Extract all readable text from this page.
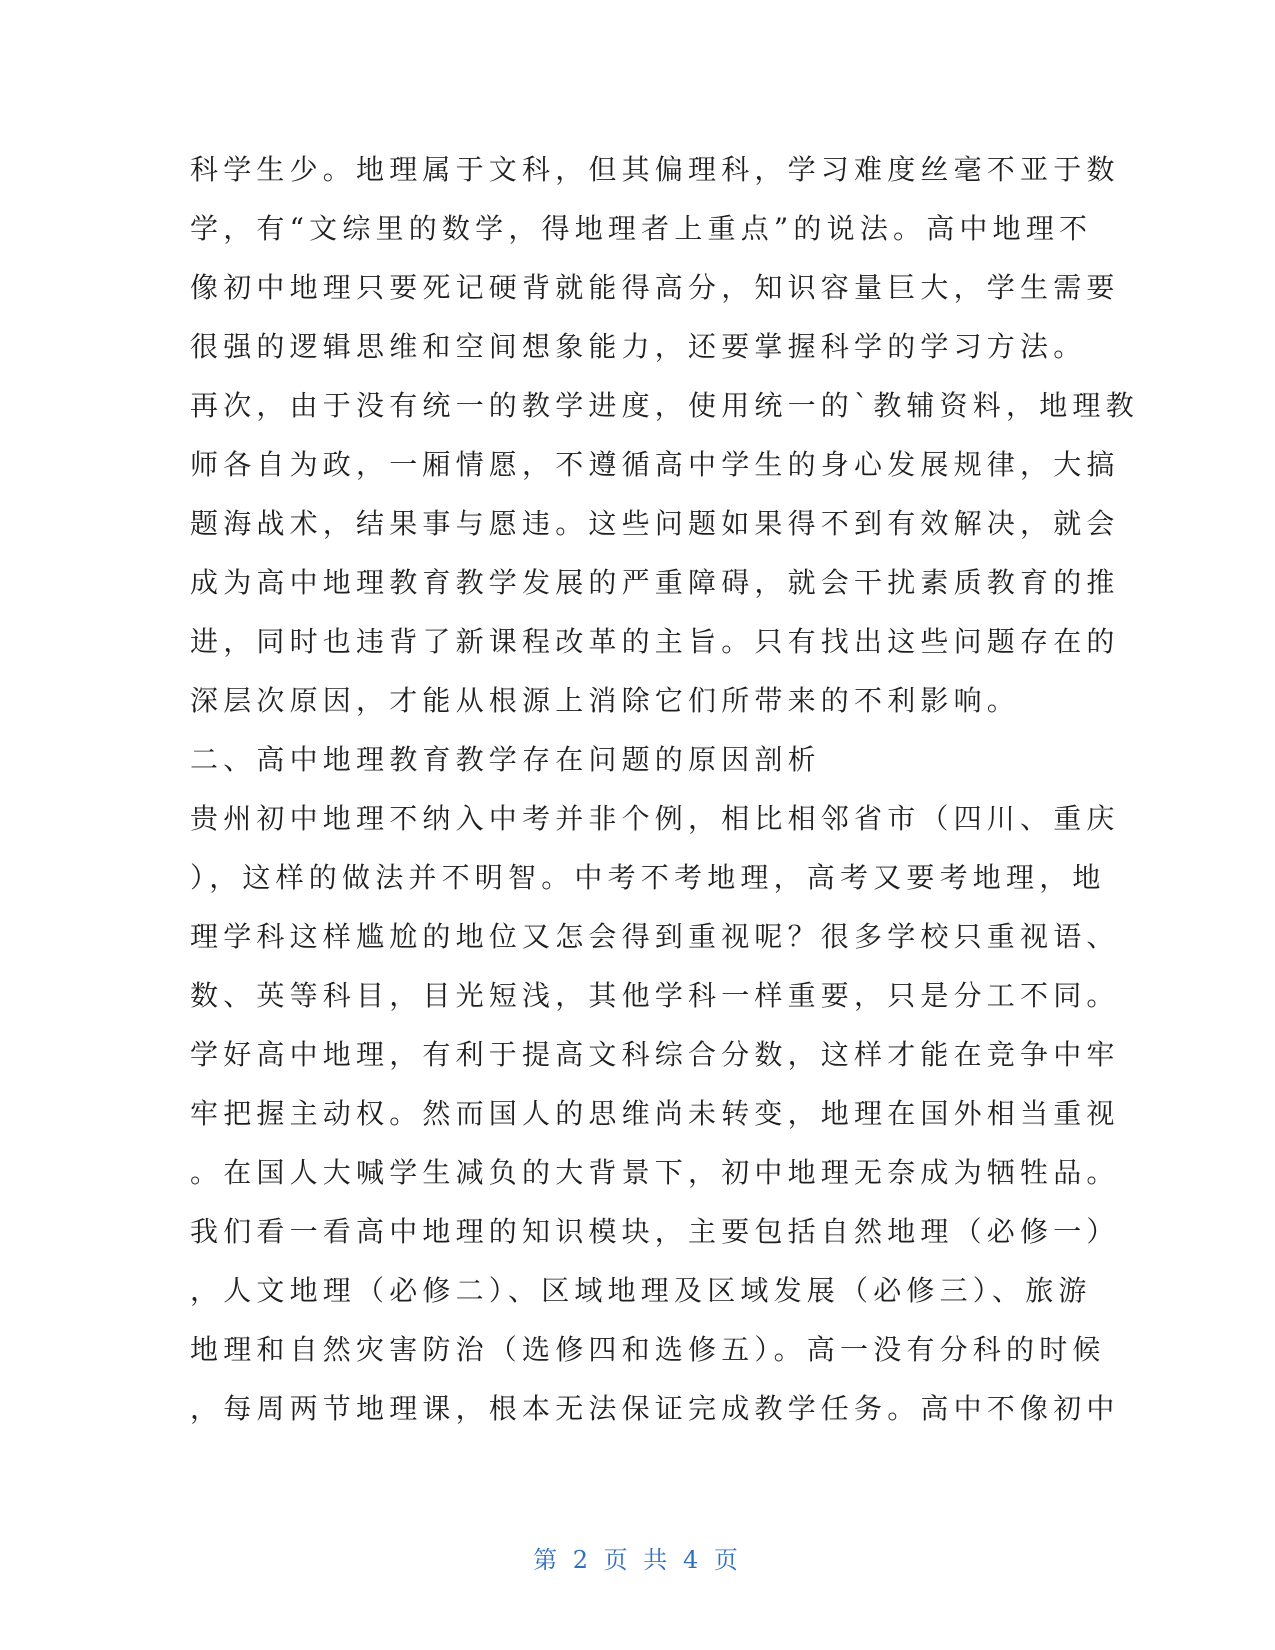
科学生少。地理属于文科，但其偏理科，学习难度丝毫不亚于数
学，有“文综里的数学，得地理者上重点”的说法。高中地理不
像初中地理只要死记硬背就能得高分，知识容量巨大，学生需要
很强的逻辑思维和空间想象能力，还要掌握科学的学习方法。
再次，由于没有统一的教学进度，使用统一的`教辅资料，地理教
师各自为政，一厢情愿，不遵循高中学生的身心发展规律，大搞
题海战术，结果事与愿违。这些问题如果得不到有效解决，就会
成为高中地理教育教学发展的严重障碍，就会干扰素质教育的推
进，同时也违背了新课程改革的主旨。只有找出这些问题存在的
深层次原因，才能从根源上消除它们所带来的不利影响。
二、高中地理教育教学存在问题的原因剖析
贵州初中地理不纳入中考并非个例，相比相邻省市（四川、重庆
），这样的做法并不明智。中考不考地理，高考又要考地理，地
理学科这样尴尬的地位又怎会得到重视呢？很多学校只重视语、
数、英等科目，目光短浅，其他学科一样重要，只是分工不同。
学好高中地理，有利于提高文科综合分数，这样才能在竞争中牢
牢把握主动权。然而国人的思维尚未转变，地理在国外相当重视
。在国人大喊学生减负的大背景下，初中地理无奈成为牺牲品。
我们看一看高中地理的知识模块，主要包括自然地理（必修一）
，人文地理（必修二）、区域地理及区域发展（必修三）、旅游
地理和自然灾害防治（选修四和选修五）。高一没有分科的时候
，每周两节地理课，根本无法保证完成教学任务。高中不像初中
第 2 页 共 4 页
